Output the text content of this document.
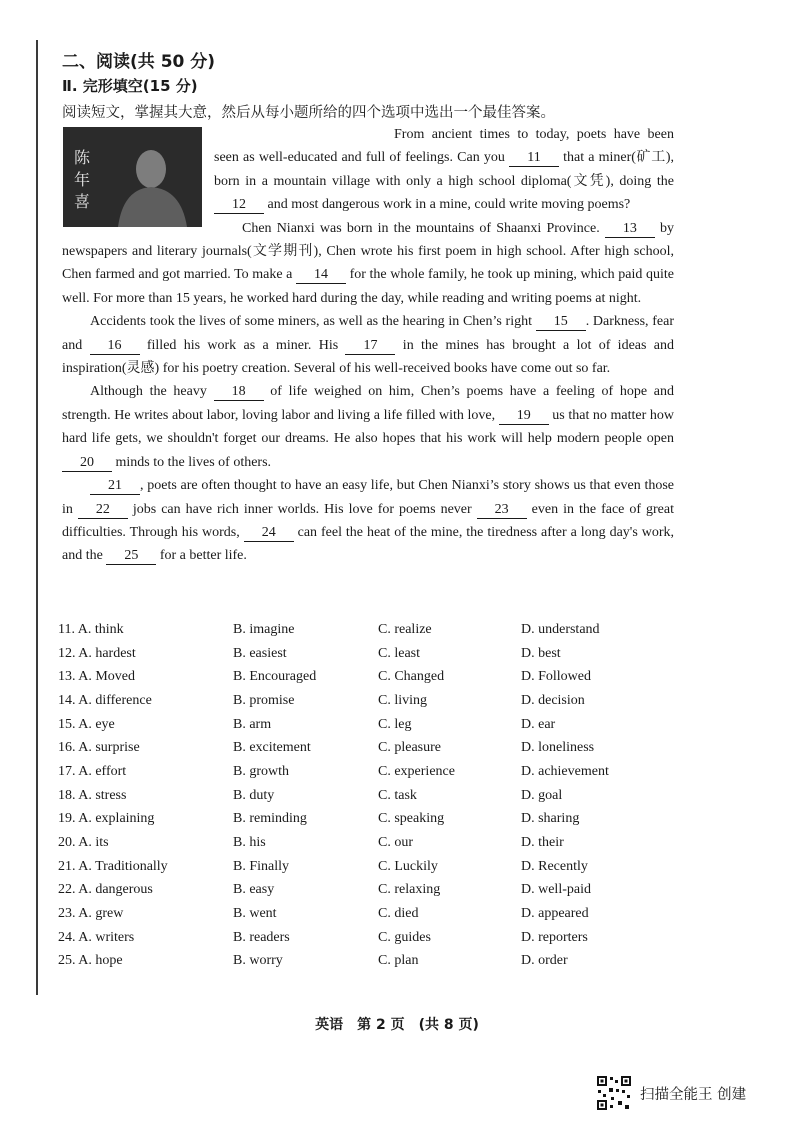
二、阅读(共 50 分)
Ⅱ. 完形填空(15 分)
阅读短文，掌握其大意，然后从每小题所给的四个选项中选出一个最佳答案。
陈年喜

From ancient times to today, poets have been seen as well-educated and full of feelings. Can you 11 that a miner(矿工), born in a mountain village with only a high school diploma(文凭), doing the 12 and most dangerous work in a mine, could write moving poems?

Chen Nianxi was born in the mountains of Shaanxi Province. 13 by newspapers and literary journals(文学期刊), Chen wrote his first poem in high school. After high school, Chen farmed and got married. To make a 14 for the whole family, he took up mining, which paid quite well. For more than 15 years, he worked hard during the day, while reading and writing poems at night.

Accidents took the lives of some miners, as well as the hearing in Chen’s right 15 . Darkness, fear and 16 filled his work as a miner. His 17 in the mines has brought a lot of ideas and inspiration(灵感) for his poetry creation. Several of his well-received books have come out so far.

Although the heavy 18 of life weighed on him, Chen’s poems have a feeling of hope and strength. He writes about labor, loving labor and living a life filled with love, 19 us that no matter how hard life gets, we shouldn't forget our dreams. He also hopes that his work will help modern people open 20 minds to the lives of others.

21 , poets are often thought to have an easy life, but Chen Nianxi’s story shows us that even those in 22 jobs can have rich inner worlds. His love for poems never 23 even in the face of great difficulties. Through his words, 24 can feel the heat of the mine, the tiredness after a long day's work, and the 25 for a better life.

11. A. think	B. imagine	C. realize	D. understand
12. A. hardest	B. easiest	C. least	D. best
13. A. Moved	B. Encouraged	C. Changed	D. Followed
14. A. difference	B. promise	C. living	D. decision
15. A. eye	B. arm	C. leg	D. ear
16. A. surprise	B. excitement	C. pleasure	D. loneliness
17. A. effort	B. growth	C. experience	D. achievement
18. A. stress	B. duty	C. task	D. goal
19. A. explaining	B. reminding	C. speaking	D. sharing
20. A. its	B. his	C. our	D. their
21. A. Traditionally	B. Finally	C. Luckily	D. Recently
22. A. dangerous	B. easy	C. relaxing	D. well-paid
23. A. grew	B. went	C. died	D. appeared
24. A. writers	B. readers	C. guides	D. reporters
25. A. hope	B. worry	C. plan	D. order
英语　第 2 页　(共 8 页)
扫描全能王 创建
